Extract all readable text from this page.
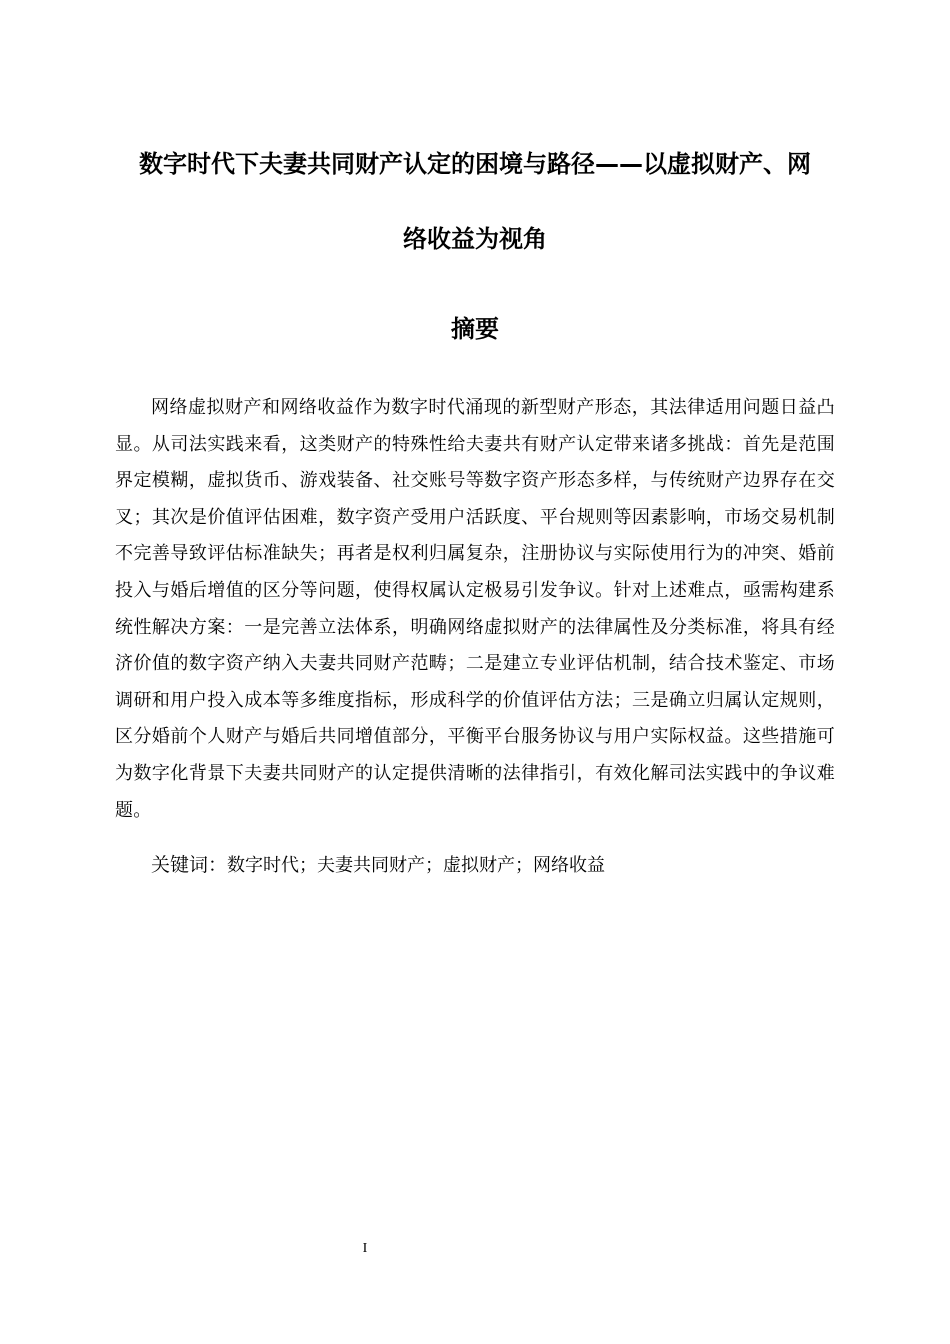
数字时代下夫妻共同财产认定的困境与路径——以虚拟财产、网
络收益为视角
摘要
网络虚拟财产和网络收益作为数字时代涌现的新型财产形态，其法律适用问题日益凸显。从司法实践来看，这类财产的特殊性给夫妻共有财产认定带来诸多挑战：首先是范围界定模糊，虚拟货币、游戏装备、社交账号等数字资产形态多样，与传统财产边界存在交叉；其次是价值评估困难，数字资产受用户活跃度、平台规则等因素影响，市场交易机制不完善导致评估标准缺失；再者是权利归属复杂，注册协议与实际使用行为的冲突、婚前投入与婚后增值的区分等问题，使得权属认定极易引发争议。针对上述难点，亟需构建系统性解决方案：一是完善立法体系，明确网络虚拟财产的法律属性及分类标准，将具有经济价值的数字资产纳入夫妻共同财产范畴；二是建立专业评估机制，结合技术鉴定、市场调研和用户投入成本等多维度指标，形成科学的价值评估方法；三是确立归属认定规则，区分婚前个人财产与婚后共同增值部分，平衡平台服务协议与用户实际权益。这些措施可为数字化背景下夫妻共同财产的认定提供清晰的法律指引，有效化解司法实践中的争议难题。
关键词：数字时代；夫妻共同财产；虚拟财产；网络收益
I
